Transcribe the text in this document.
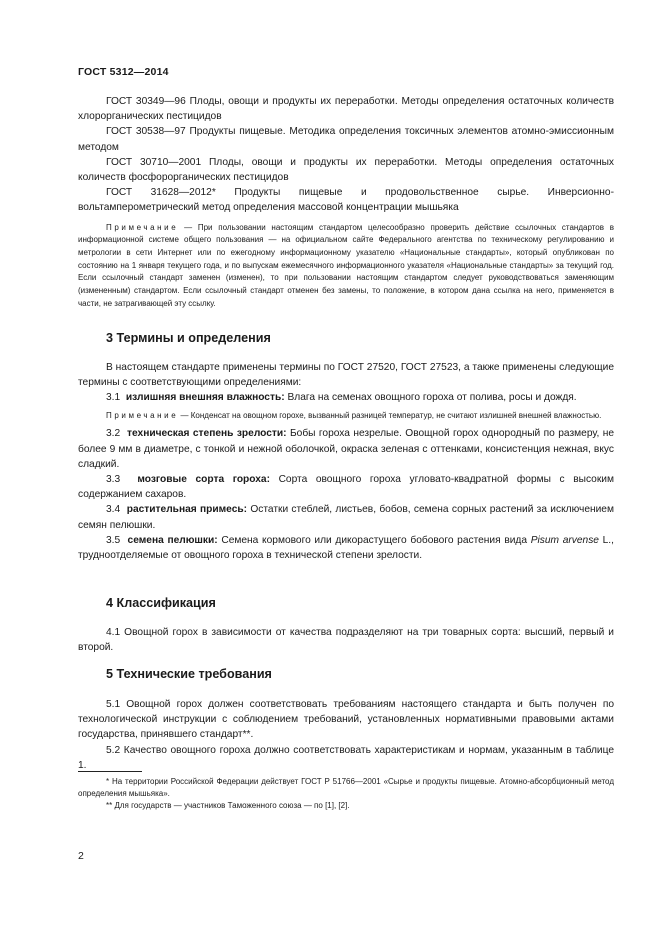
ГОСТ 5312—2014

ГОСТ 30349—96 Плоды, овощи и продукты их переработки. Методы определения остаточных количеств хлорорганических пестицидов

ГОСТ 30538—97 Продукты пищевые. Методика определения токсичных элементов атомно-эмиссионным методом

ГОСТ 30710—2001 Плоды, овощи и продукты их переработки. Методы определения остаточных количеств фосфорорганических пестицидов

ГОСТ 31628—2012* Продукты пищевые и продовольственное сырье. Инверсионно-вольтамперометрический метод определения массовой концентрации мышьяка

Примечание — При пользовании настоящим стандартом целесообразно проверить действие ссылочных стандартов в информационной системе общего пользования — на официальном сайте Федерального агентства по техническому регулированию и метрологии в сети Интернет или по ежегодному информационному указателю «Национальные стандарты», который опубликован по состоянию на 1 января текущего года, и по выпускам ежемесячного информационного указателя «Национальные стандарты» за текущий год. Если ссылочный стандарт заменен (изменен), то при пользовании настоящим стандартом следует руководствоваться заменяющим (измененным) стандартом. Если ссылочный стандарт отменен без замены, то положение, в котором дана ссылка на него, применяется в части, не затрагивающей эту ссылку.

3 Термины и определения

В настоящем стандарте применены термины по ГОСТ 27520, ГОСТ 27523, а также применены следующие термины с соответствующими определениями:

3.1 излишняя внешняя влажность: Влага на семенах овощного гороха от полива, росы и дождя.

Примечание — Конденсат на овощном горохе, вызванный разницей температур, не считают излишней внешней влажностью.

3.2 техническая степень зрелости: Бобы гороха незрелые. Овощной горох однородный по размеру, не более 9 мм в диаметре, с тонкой и нежной оболочкой, окраска зеленая с оттенками, консистенция нежная, вкус сладкий.

3.3 мозговые сорта гороха: Сорта овощного гороха угловато-квадратной формы с высоким содержанием сахаров.

3.4 растительная примесь: Остатки стеблей, листьев, бобов, семена сорных растений за исключением семян пелюшки.

3.5 семена пелюшки: Семена кормового или дикорастущего бобового растения вида Pisum arvense L., трудноотделяемые от овощного гороха в технической степени зрелости.

4 Классификация

4.1 Овощной горох в зависимости от качества подразделяют на три товарных сорта: высший, первый и второй.

5 Технические требования

5.1 Овощной горох должен соответствовать требованиям настоящего стандарта и быть получен по технологической инструкции с соблюдением требований, установленных нормативными правовыми актами государства, принявшего стандарт**.

5.2 Качество овощного гороха должно соответствовать характеристикам и нормам, указанным в таблице 1.

* На территории Российской Федерации действует ГОСТ Р 51766—2001 «Сырье и продукты пищевые. Атомно-абсорбционный метод определения мышьяка».

** Для государств — участников Таможенного союза — по [1], [2].

2
